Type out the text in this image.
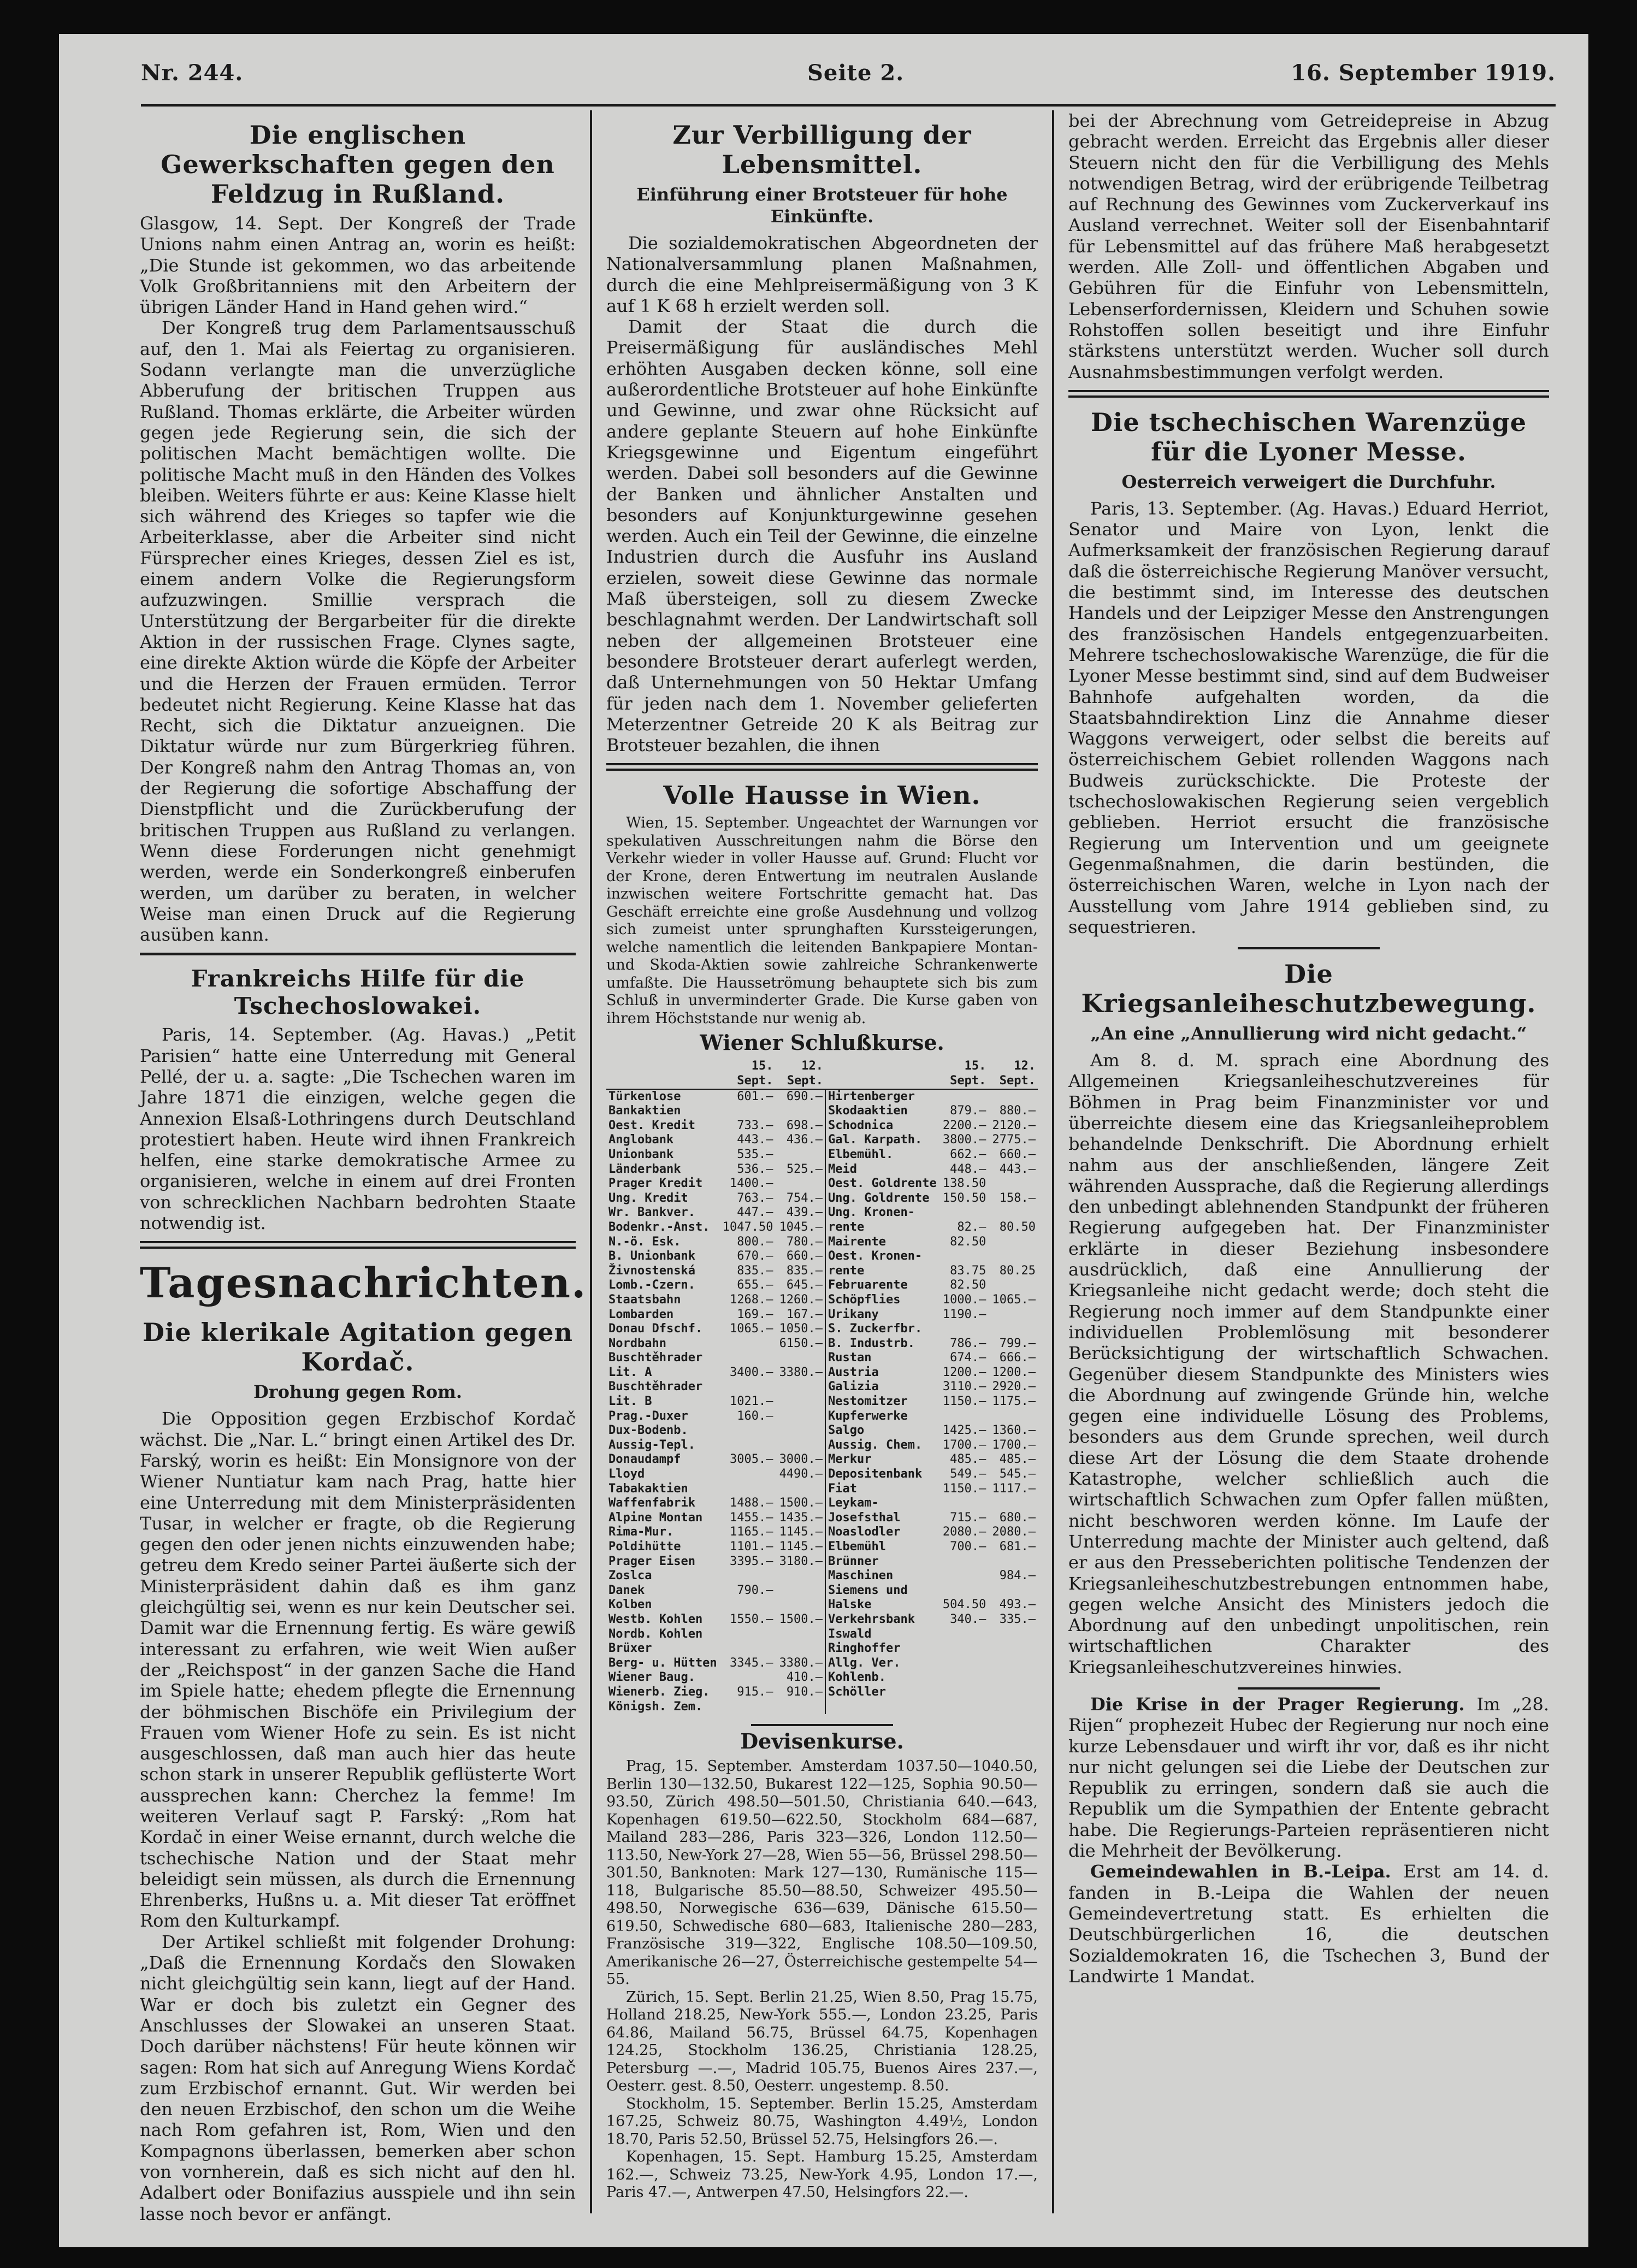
Nr. 244.	Seite 2.	16. September 1919.
Die englischen Gewerkschaften gegen den Feldzug in Rußland.

Glasgow, 14. Sept. Der Kongreß der Trade Unions nahm einen Antrag an, worin es heißt: „Die Stunde ist gekommen, wo das arbeitende Volk Großbritanniens mit den Arbeitern der übrigen Länder Hand in Hand gehen wird.“

Der Kongreß trug dem Parlamentsausschuß auf, den 1. Mai als Feiertag zu organisieren. Sodann verlangte man die unverzügliche Abberufung der britischen Truppen aus Rußland. Thomas erklärte, die Arbeiter würden gegen jede Regierung sein, die sich der politischen Macht bemächtigen wollte. Die politische Macht muß in den Händen des Volkes bleiben. Weiters führte er aus: Keine Klasse hielt sich während des Krieges so tapfer wie die Arbeiterklasse, aber die Arbeiter sind nicht Fürsprecher eines Krieges, dessen Ziel es ist, einem andern Volke die Regierungsform aufzuzwingen. Smillie versprach die Unterstützung der Bergarbeiter für die direkte Aktion in der russischen Frage. Clynes sagte, eine direkte Aktion würde die Köpfe der Arbeiter und die Herzen der Frauen ermüden. Terror bedeutet nicht Regierung. Keine Klasse hat das Recht, sich die Diktatur anzueignen. Die Diktatur würde nur zum Bürgerkrieg führen. Der Kongreß nahm den Antrag Thomas an, von der Regierung die sofortige Abschaffung der Dienstpflicht und die Zurückberufung der britischen Truppen aus Rußland zu verlangen. Wenn diese Forderungen nicht genehmigt werden, werde ein Sonderkongreß einberufen werden, um darüber zu beraten, in welcher Weise man einen Druck auf die Regierung ausüben kann.

Frankreichs Hilfe für die Tschechoslowakei.

Paris, 14. September. (Ag. Havas.) „Petit Parisien“ hatte eine Unterredung mit General Pellé, der u. a. sagte: „Die Tschechen waren im Jahre 1871 die einzigen, welche gegen die Annexion Elsaß-Lothringens durch Deutschland protestiert haben. Heute wird ihnen Frankreich helfen, eine starke demokratische Armee zu organisieren, welche in einem auf drei Fronten von schrecklichen Nachbarn bedrohten Staate notwendig ist.

Tagesnachrichten.
Die klerikale Agitation gegen Kordač.
Drohung gegen Rom.

Die Opposition gegen Erzbischof Kordač wächst. Die „Nar. L.“ bringt einen Artikel des Dr. Farský, worin es heißt: Ein Monsignore von der Wiener Nuntiatur kam nach Prag, hatte hier eine Unterredung mit dem Ministerpräsidenten Tusar, in welcher er fragte, ob die Regierung gegen den oder jenen nichts einzuwenden habe; getreu dem Kredo seiner Partei äußerte sich der Ministerpräsident dahin daß es ihm ganz gleichgültig sei, wenn es nur kein Deutscher sei. Damit war die Ernennung fertig. Es wäre gewiß interessant zu erfahren, wie weit Wien außer der „Reichspost“ in der ganzen Sache die Hand im Spiele hatte; ehedem pflegte die Ernennung der böhmischen Bischöfe ein Privilegium der Frauen vom Wiener Hofe zu sein. Es ist nicht ausgeschlossen, daß man auch hier das heute schon stark in unserer Republik geflüsterte Wort aussprechen kann: Cherchez la femme! Im weiteren Verlauf sagt P. Farský: „Rom hat Kordač in einer Weise ernannt, durch welche die tschechische Nation und der Staat mehr beleidigt sein müssen, als durch die Ernennung Ehrenberks, Hußns u. a. Mit dieser Tat eröffnet Rom den Kulturkampf.

Der Artikel schließt mit folgender Drohung: „Daß die Ernennung Kordačs den Slowaken nicht gleichgültig sein kann, liegt auf der Hand. War er doch bis zuletzt ein Gegner des Anschlusses der Slowakei an unseren Staat. Doch darüber nächstens! Für heute können wir sagen: Rom hat sich auf Anregung Wiens Kordač zum Erzbischof ernannt. Gut. Wir werden bei den neuen Erzbischof, den schon um die Weihe nach Rom gefahren ist, Rom, Wien und den Kompagnons überlassen, bemerken aber schon von vornherein, daß es sich nicht auf den hl. Adalbert oder Bonifazius ausspiele und ihn sein lasse noch bevor er anfängt.

Zur Verbilligung der Lebensmittel.
Einführung einer Brotsteuer für hohe Einkünfte.

Die sozialdemokratischen Abgeordneten der Nationalversammlung planen Maßnahmen, durch die eine Mehlpreisermäßigung von 3 K auf 1 K 68 h erzielt werden soll.

Damit der Staat die durch die Preisermäßigung für ausländisches Mehl erhöhten Ausgaben decken könne, soll eine außerordentliche Brotsteuer auf hohe Einkünfte und Gewinne, und zwar ohne Rücksicht auf andere geplante Steuern auf hohe Einkünfte Kriegsgewinne und Eigentum eingeführt werden. Dabei soll besonders auf die Gewinne der Banken und ähnlicher Anstalten und besonders auf Konjunkturgewinne gesehen werden. Auch ein Teil der Gewinne, die einzelne Industrien durch die Ausfuhr ins Ausland erzielen, soweit diese Gewinne das normale Maß übersteigen, soll zu diesem Zwecke beschlagnahmt werden. Der Landwirtschaft soll neben der allgemeinen Brotsteuer eine besondere Brotsteuer derart auferlegt werden, daß Unternehmungen von 50 Hektar Umfang für jeden nach dem 1. November gelieferten Meterzentner Getreide 20 K als Beitrag zur Brotsteuer bezahlen, die ihnen

Volle Hausse in Wien.

Wien, 15. September. Ungeachtet der Warnungen vor spekulativen Ausschreitungen nahm die Börse den Verkehr wieder in voller Hausse auf. Grund: Flucht vor der Krone, deren Entwertung im neutralen Auslande inzwischen weitere Fortschritte gemacht hat. Das Geschäft erreichte eine große Ausdehnung und vollzog sich zumeist unter sprunghaften Kurssteigerungen, welche namentlich die leitenden Bankpapiere Montan- und Skoda-Aktien sowie zahlreiche Schrankenwerte umfaßte. Die Haussetrömung behauptete sich bis zum Schluß in unverminderter Grade. Die Kurse gaben von ihrem Höchststande nur wenig ab.

Wiener Schlußkurse.
	15. Sept.	12. Sept.		15. Sept.	12. Sept.
Türkenlose	601.—	690.—	Hirtenberger		
Bankaktien			Skodaaktien	879.—	880.—
Oest. Kredit	733.—	698.—	Schodnica	2200.—	2120.—
Anglobank	443.—	436.—	Gal. Karpath.	3800.—	2775.—
Unionbank	535.—		Elbemühl.	662.—	660.—
Länderbank	536.—	525.—	Meid	448.—	443.—
Prager Kredit	1400.—		Oest. Goldrente	138.50	
Ung. Kredit	763.—	754.—	Ung. Goldrente	150.50	158.—
Wr. Bankver.	447.—	439.—	Ung. Kronen-		
Bodenkr.-Anst.	1047.50	1045.—	rente	82.—	80.50
N.-ö. Esk.	800.—	780.—	Mairente	82.50	
B. Unionbank	670.—	660.—	Oest. Kronen-		
Živnostenská	835.—	835.—	rente	83.75	80.25
Lomb.-Czern.	655.—	645.—	Februarente	82.50	
Staatsbahn	1268.—	1260.—	Schöpflies	1000.—	1065.—
Lombarden	169.—	167.—	Urikany	1190.—	
Donau Dfschf.	1065.—	1050.—	S. Zuckerfbr.		
Nordbahn		6150.—	B. Industrb.	786.—	799.—
Buschtěhrader			Rustan	674.—	666.—
Lit. A	3400.—	3380.—	Austria	1200.—	1200.—
Buschtěhrader			Galizia	3110.—	2920.—
Lit. B	1021.—		Nestomitzer	1150.—	1175.—
Prag.-Duxer	160.—		Kupferwerke		
Dux-Bodenb.			Salgo	1425.—	1360.—
Aussig-Tepl.			Aussig. Chem.	1700.—	1700.—
Donaudampf	3005.—	3000.—	Merkur	485.—	485.—
Lloyd		4490.—	Depositenbank	549.—	545.—
Tabakaktien			Fiat	1150.—	1117.—
Waffenfabrik	1488.—	1500.—	Leykam-		
Alpine Montan	1455.—	1435.—	Josefsthal	715.—	680.—
Rima-Mur.	1165.—	1145.—	Noaslodler	2080.—	2080.—
Poldihütte	1101.—	1145.—	Elbemühl	700.—	681.—
Prager Eisen	3395.—	3180.—	Brünner		
Zoslca			Maschinen		984.—
Danek	790.—		Siemens und		
Kolben			Halske	504.50	493.—
Westb. Kohlen	1550.—	1500.—	Verkehrsbank	340.—	335.—
Nordb. Kohlen			Iswald		
Brüxer			Ringhoffer		
Berg- u. Hütten	3345.—	3380.—	Allg. Ver.		
Wiener Baug.		410.—	Kohlenb.		
Wienerb. Zieg.	915.—	910.—	Schöller		
Königsh. Zem.					
Devisenkurse.

Prag, 15. September. Amsterdam 1037.50—1040.50, Berlin 130—132.50, Bukarest 122—125, Sophia 90.50—93.50, Zürich 498.50—501.50, Christiania 640.—643, Kopenhagen 619.50—622.50, Stockholm 684—687, Mailand 283—286, Paris 323—326, London 112.50—113.50, New-York 27—28, Wien 55—56, Brüssel 298.50—301.50, Banknoten: Mark 127—130, Rumänische 115—118, Bulgarische 85.50—88.50, Schweizer 495.50—498.50, Norwegische 636—639, Dänische 615.50—619.50, Schwedische 680—683, Italienische 280—283, Französische 319—322, Englische 108.50—109.50, Amerikanische 26—27, Österreichische gestempelte 54—55.

Zürich, 15. Sept. Berlin 21.25, Wien 8.50, Prag 15.75, Holland 218.25, New-York 555.—, London 23.25, Paris 64.86, Mailand 56.75, Brüssel 64.75, Kopenhagen 124.25, Stockholm 136.25, Christiania 128.25, Petersburg —.—, Madrid 105.75, Buenos Aires 237.—, Oesterr. gest. 8.50, Oesterr. ungestemp. 8.50.

Stockholm, 15. September. Berlin 15.25, Amsterdam 167.25, Schweiz 80.75, Washington 4.49½, London 18.70, Paris 52.50, Brüssel 52.75, Helsingfors 26.—.

Kopenhagen, 15. Sept. Hamburg 15.25, Amsterdam 162.—, Schweiz 73.25, New-York 4.95, London 17.—, Paris 47.—, Antwerpen 47.50, Helsingfors 22.—.

bei der Abrechnung vom Getreidepreise in Abzug gebracht werden. Erreicht das Ergebnis aller dieser Steuern nicht den für die Verbilligung des Mehls notwendigen Betrag, wird der erübrigende Teilbetrag auf Rechnung des Gewinnes vom Zuckerverkauf ins Ausland verrechnet. Weiter soll der Eisenbahntarif für Lebensmittel auf das frühere Maß herabgesetzt werden. Alle Zoll- und öffentlichen Abgaben und Gebühren für die Einfuhr von Lebensmitteln, Lebenserfordernissen, Kleidern und Schuhen sowie Rohstoffen sollen beseitigt und ihre Einfuhr stärkstens unterstützt werden. Wucher soll durch Ausnahmsbestimmungen verfolgt werden.

Die tschechischen Warenzüge für die Lyoner Messe.
Oesterreich verweigert die Durchfuhr.

Paris, 13. September. (Ag. Havas.) Eduard Herriot, Senator und Maire von Lyon, lenkt die Aufmerksamkeit der französischen Regierung darauf daß die österreichische Regierung Manöver versucht, die bestimmt sind, im Interesse des deutschen Handels und der Leipziger Messe den Anstrengungen des französischen Handels entgegenzuarbeiten. Mehrere tschechoslowakische Warenzüge, die für die Lyoner Messe bestimmt sind, sind auf dem Budweiser Bahnhofe aufgehalten worden, da die Staatsbahndirektion Linz die Annahme dieser Waggons verweigert, oder selbst die bereits auf österreichischem Gebiet rollenden Waggons nach Budweis zurückschickte. Die Proteste der tschechoslowakischen Regierung seien vergeblich geblieben. Herriot ersucht die französische Regierung um Intervention und um geeignete Gegenmaßnahmen, die darin bestünden, die österreichischen Waren, welche in Lyon nach der Ausstellung vom Jahre 1914 geblieben sind, zu sequestrieren.

Die Kriegsanleiheschutzbewegung.
„An eine „Annullierung wird nicht gedacht.“

Am 8. d. M. sprach eine Abordnung des Allgemeinen Kriegsanleiheschutzvereines für Böhmen in Prag beim Finanzminister vor und überreichte diesem eine das Kriegsanleiheproblem behandelnde Denkschrift. Die Abordnung erhielt nahm aus der anschließenden, längere Zeit währenden Aussprache, daß die Regierung allerdings den unbedingt ablehnenden Standpunkt der früheren Regierung aufgegeben hat. Der Finanzminister erklärte in dieser Beziehung insbesondere ausdrücklich, daß eine Annullierung der Kriegsanleihe nicht gedacht werde; doch steht die Regierung noch immer auf dem Standpunkte einer individuellen Problemlösung mit besonderer Berücksichtigung der wirtschaftlich Schwachen. Gegenüber diesem Standpunkte des Ministers wies die Abordnung auf zwingende Gründe hin, welche gegen eine individuelle Lösung des Problems, besonders aus dem Grunde sprechen, weil durch diese Art der Lösung die dem Staate drohende Katastrophe, welcher schließlich auch die wirtschaftlich Schwachen zum Opfer fallen müßten, nicht beschworen werden könne. Im Laufe der Unterredung machte der Minister auch geltend, daß er aus den Presseberichten politische Tendenzen der Kriegsanleiheschutzbestrebungen entnommen habe, gegen welche Ansicht des Ministers jedoch die Abordnung auf den unbedingt unpolitischen, rein wirtschaftlichen Charakter des Kriegsanleiheschutzvereines hinwies.

Die Krise in der Prager Regierung. Im „28. Rijen“ prophezeit Hubec der Regierung nur noch eine kurze Lebensdauer und wirft ihr vor, daß es ihr nicht nur nicht gelungen sei die Liebe der Deutschen zur Republik zu erringen, sondern daß sie auch die Republik um die Sympathien der Entente gebracht habe. Die Regierungs-Parteien repräsentieren nicht die Mehrheit der Bevölkerung.

Gemeindewahlen in B.-Leipa. Erst am 14. d. fanden in B.-Leipa die Wahlen der neuen Gemeindevertretung statt. Es erhielten die Deutschbürgerlichen 16, die deutschen Sozialdemokraten 16, die Tschechen 3, Bund der Landwirte 1 Mandat.
